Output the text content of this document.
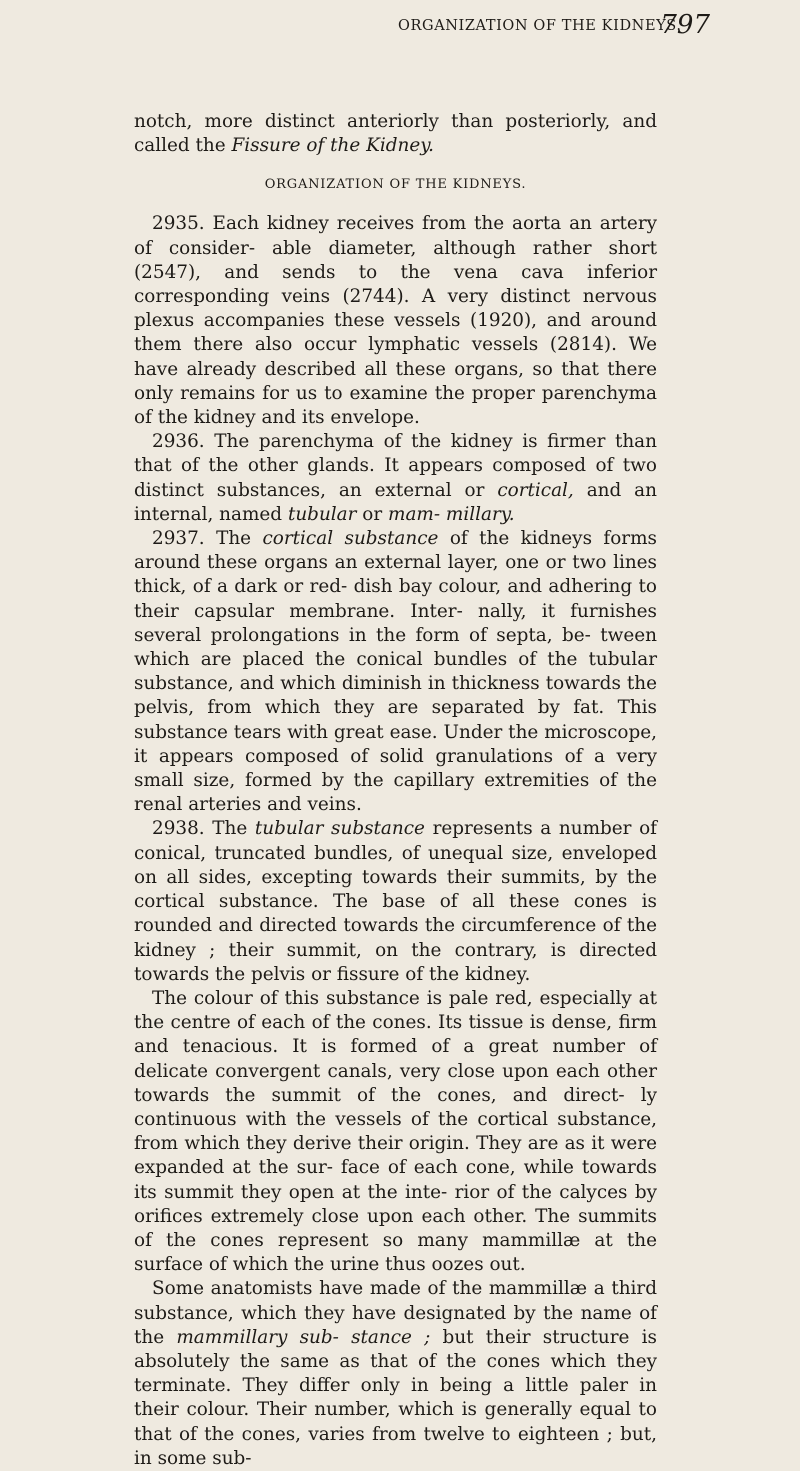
ORGANIZATION OF THE KIDNEYS.
797

notch, more distinct anteriorly than posteriorly, and called the Fissure of the Kidney.

ORGANIZATION OF THE KIDNEYS.

2935. Each kidney receives from the aorta an artery of consider- able diameter, although rather short (2547), and sends to the vena cava inferior corresponding veins (2744). A very distinct nervous plexus accompanies these vessels (1920), and around them there also occur lymphatic vessels (2814). We have already described all these organs, so that there only remains for us to examine the proper parenchyma of the kidney and its envelope.

2936. The parenchyma of the kidney is firmer than that of the other glands. It appears composed of two distinct substances, an external or cortical, and an internal, named tubular or mam- millary.

2937. The cortical substance of the kidneys forms around these organs an external layer, one or two lines thick, of a dark or red- dish bay colour, and adhering to their capsular membrane. Inter- nally, it furnishes several prolongations in the form of septa, be- tween which are placed the conical bundles of the tubular substance, and which diminish in thickness towards the pelvis, from which they are separated by fat. This substance tears with great ease. Under the microscope, it appears composed of solid granulations of a very small size, formed by the capillary extremities of the renal arteries and veins.

2938. The tubular substance represents a number of conical, truncated bundles, of unequal size, enveloped on all sides, excepting towards their summits, by the cortical substance. The base of all these cones is rounded and directed towards the circumference of the kidney ; their summit, on the contrary, is directed towards the pelvis or fissure of the kidney.

The colour of this substance is pale red, especially at the centre of each of the cones. Its tissue is dense, firm and tenacious. It is formed of a great number of delicate convergent canals, very close upon each other towards the summit of the cones, and direct- ly continuous with the vessels of the cortical substance, from which they derive their origin. They are as it were expanded at the sur- face of each cone, while towards its summit they open at the inte- rior of the calyces by orifices extremely close upon each other. The summits of the cones represent so many mammillæ at the surface of which the urine thus oozes out.

Some anatomists have made of the mammillæ a third substance, which they have designated by the name of the mammillary sub- stance ; but their structure is absolutely the same as that of the cones which they terminate. They differ only in being a little paler in their colour. Their number, which is generally equal to that of the cones, varies from twelve to eighteen ; but, in some sub-
